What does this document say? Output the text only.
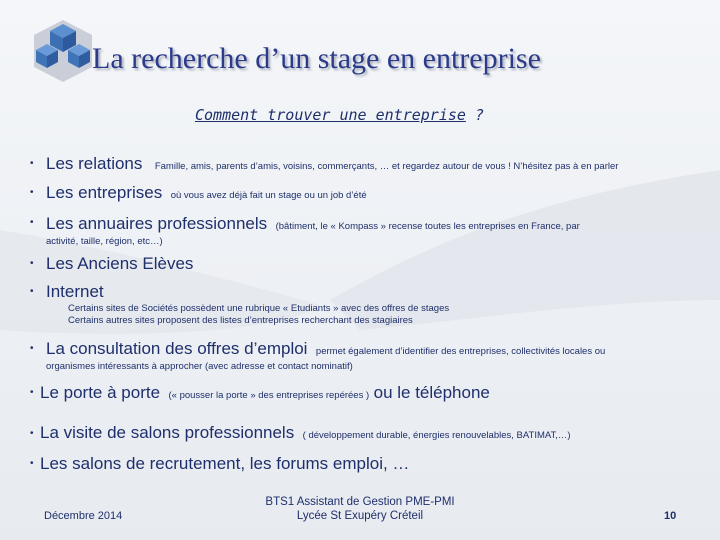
La recherche d’un stage en entreprise
Comment trouver une entreprise ?
• Les relations Famille, amis, parents d’amis, voisins, commerçants, … et regardez autour de vous ! N’hésitez pas à en parler
• Les entreprises où vous avez déjà fait un stage ou un job d’été
• Les annuaires professionnels (bâtiment, le « Kompass » recense toutes les entreprises en France, par
activité, taille, région, etc…)
• Les Anciens Elèves
• Internet
Certains sites de Sociétés possèdent une rubrique « Etudiants » avec des offres de stages
Certains autres sites proposent des listes d’entreprises recherchant des stagiaires
• La consultation des offres d’emploi permet également d’identifier des entreprises, collectivités locales ou
organismes intéressants à approcher (avec adresse et contact nominatif)
• Le porte à porte (« pousser la porte » des entreprises repérées ) ou le téléphone
• La visite de salons professionnels ( développement durable, énergies renouvelables, BATIMAT,…)
• Les salons de recrutement, les forums emploi, …
Décembre 2014
BTS1 Assistant de Gestion PME-PMI
Lycée St Exupéry Créteil	10
